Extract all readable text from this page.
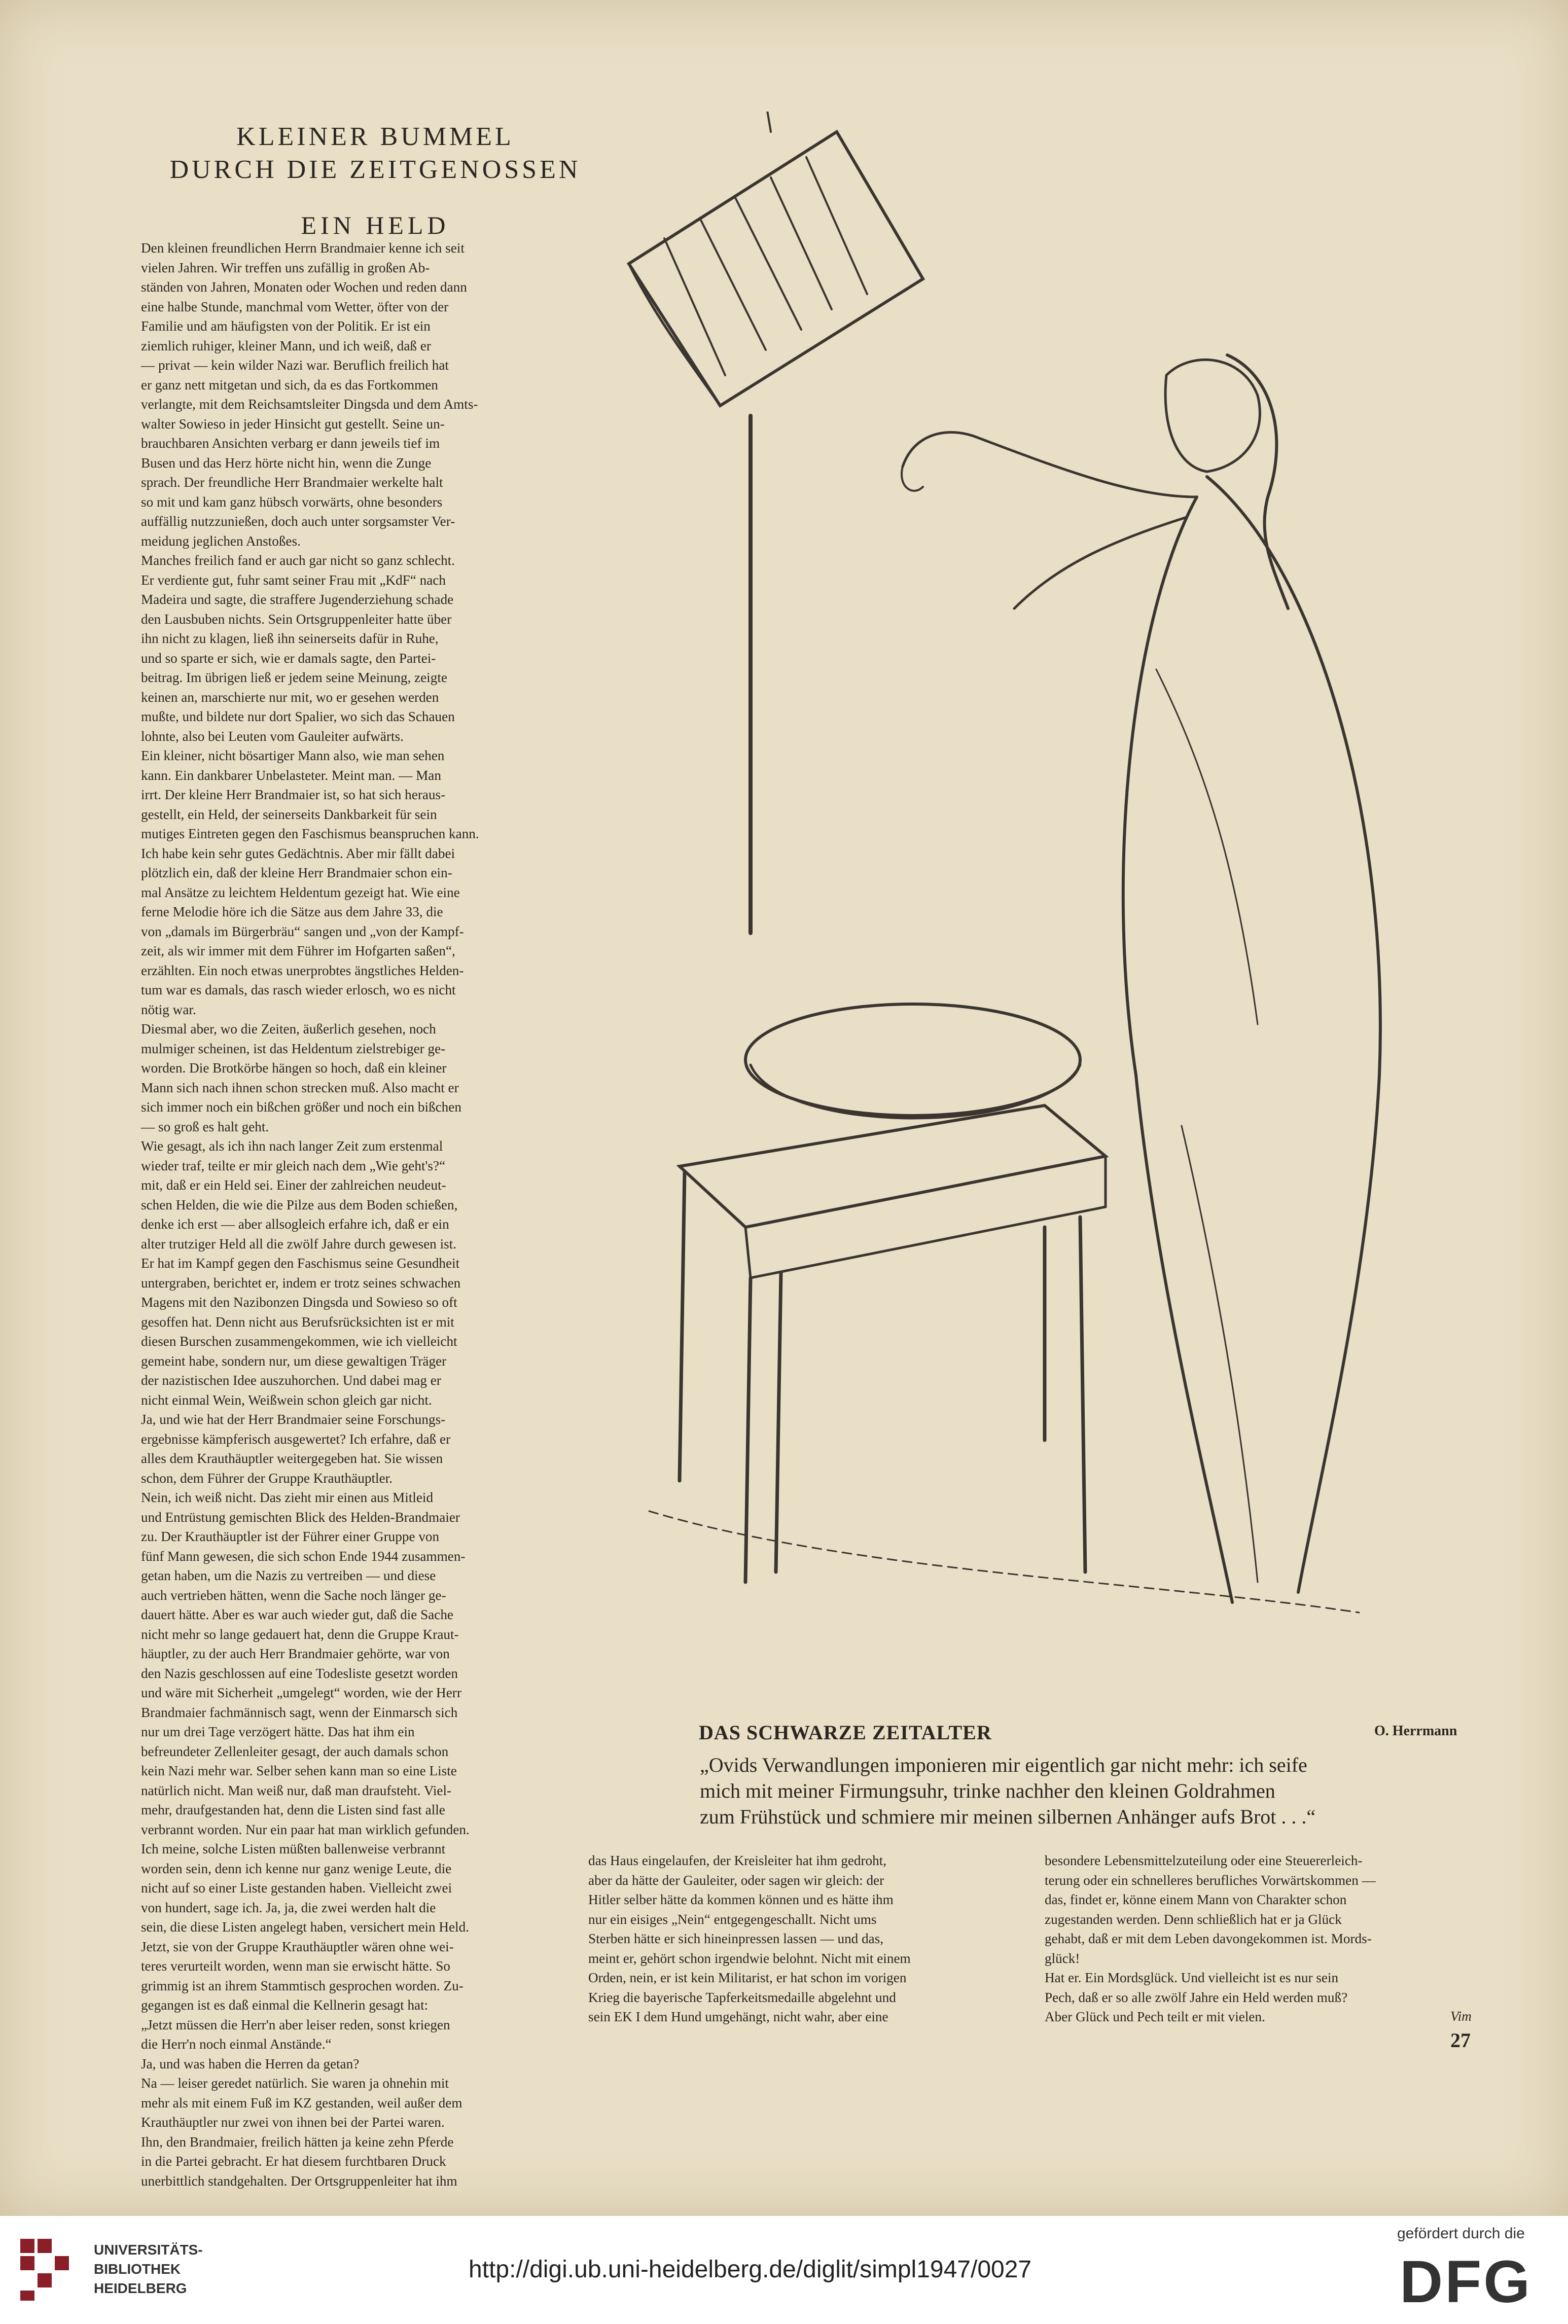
KLEINER BUMMEL
DURCH DIE ZEITGENOSSEN
EIN HELD

Den kleinen freundlichen Herrn Brandmaier kenne ich seit
vielen Jahren. Wir treffen uns zufällig in großen Ab-
ständen von Jahren, Monaten oder Wochen und reden dann
eine halbe Stunde, manchmal vom Wetter, öfter von der
Familie und am häufigsten von der Politik. Er ist ein
ziemlich ruhiger, kleiner Mann, und ich weiß, daß er
— privat — kein wilder Nazi war. Beruflich freilich hat
er ganz nett mitgetan und sich, da es das Fortkommen
verlangte, mit dem Reichsamtsleiter Dingsda und dem Amts-
walter Sowieso in jeder Hinsicht gut gestellt. Seine un-
brauchbaren Ansichten verbarg er dann jeweils tief im
Busen und das Herz hörte nicht hin, wenn die Zunge
sprach. Der freundliche Herr Brandmaier werkelte halt
so mit und kam ganz hübsch vorwärts, ohne besonders
auffällig nutzzunießen, doch auch unter sorgsamster Ver-
meidung jeglichen Anstoßes.
Manches freilich fand er auch gar nicht so ganz schlecht.
Er verdiente gut, fuhr samt seiner Frau mit „KdF“ nach
Madeira und sagte, die straffere Jugenderziehung schade
den Lausbuben nichts. Sein Ortsgruppenleiter hatte über
ihn nicht zu klagen, ließ ihn seinerseits dafür in Ruhe,
und so sparte er sich, wie er damals sagte, den Partei-
beitrag. Im übrigen ließ er jedem seine Meinung, zeigte
keinen an, marschierte nur mit, wo er gesehen werden
mußte, und bildete nur dort Spalier, wo sich das Schauen
lohnte, also bei Leuten vom Gauleiter aufwärts.
Ein kleiner, nicht bösartiger Mann also, wie man sehen
kann. Ein dankbarer Unbelasteter. Meint man. — Man
irrt. Der kleine Herr Brandmaier ist, so hat sich heraus-
gestellt, ein Held, der seinerseits Dankbarkeit für sein
mutiges Eintreten gegen den Faschismus beanspruchen kann.
Ich habe kein sehr gutes Gedächtnis. Aber mir fällt dabei
plötzlich ein, daß der kleine Herr Brandmaier schon ein-
mal Ansätze zu leichtem Heldentum gezeigt hat. Wie eine
ferne Melodie höre ich die Sätze aus dem Jahre 33, die
von „damals im Bürgerbräu“ sangen und „von der Kampf-
zeit, als wir immer mit dem Führer im Hofgarten saßen“,
erzählten. Ein noch etwas unerprobtes ängstliches Helden-
tum war es damals, das rasch wieder erlosch, wo es nicht
nötig war.
Diesmal aber, wo die Zeiten, äußerlich gesehen, noch
mulmiger scheinen, ist das Heldentum zielstrebiger ge-
worden. Die Brotkörbe hängen so hoch, daß ein kleiner
Mann sich nach ihnen schon strecken muß. Also macht er
sich immer noch ein bißchen größer und noch ein bißchen
— so groß es halt geht.
Wie gesagt, als ich ihn nach langer Zeit zum erstenmal
wieder traf, teilte er mir gleich nach dem „Wie geht's?“
mit, daß er ein Held sei. Einer der zahlreichen neudeut-
schen Helden, die wie die Pilze aus dem Boden schießen,
denke ich erst — aber allsogleich erfahre ich, daß er ein
alter trutziger Held all die zwölf Jahre durch gewesen ist.
Er hat im Kampf gegen den Faschismus seine Gesundheit
untergraben, berichtet er, indem er trotz seines schwachen
Magens mit den Nazibonzen Dingsda und Sowieso so oft
gesoffen hat. Denn nicht aus Berufsrücksichten ist er mit
diesen Burschen zusammengekommen, wie ich vielleicht
gemeint habe, sondern nur, um diese gewaltigen Träger
der nazistischen Idee auszuhorchen. Und dabei mag er
nicht einmal Wein, Weißwein schon gleich gar nicht.
Ja, und wie hat der Herr Brandmaier seine Forschungs-
ergebnisse kämpferisch ausgewertet? Ich erfahre, daß er
alles dem Krauthäuptler weitergegeben hat. Sie wissen
schon, dem Führer der Gruppe Krauthäuptler.
Nein, ich weiß nicht. Das zieht mir einen aus Mitleid
und Entrüstung gemischten Blick des Helden-Brandmaier
zu. Der Krauthäuptler ist der Führer einer Gruppe von
fünf Mann gewesen, die sich schon Ende 1944 zusammen-
getan haben, um die Nazis zu vertreiben — und diese
auch vertrieben hätten, wenn die Sache noch länger ge-
dauert hätte. Aber es war auch wieder gut, daß die Sache
nicht mehr so lange gedauert hat, denn die Gruppe Kraut-
häuptler, zu der auch Herr Brandmaier gehörte, war von
den Nazis geschlossen auf eine Todesliste gesetzt worden
und wäre mit Sicherheit „umgelegt“ worden, wie der Herr
Brandmaier fachmännisch sagt, wenn der Einmarsch sich
nur um drei Tage verzögert hätte. Das hat ihm ein
befreundeter Zellenleiter gesagt, der auch damals schon
kein Nazi mehr war. Selber sehen kann man so eine Liste
natürlich nicht. Man weiß nur, daß man draufsteht. Viel-
mehr, draufgestanden hat, denn die Listen sind fast alle
verbrannt worden. Nur ein paar hat man wirklich gefunden.
Ich meine, solche Listen müßten ballenweise verbrannt
worden sein, denn ich kenne nur ganz wenige Leute, die
nicht auf so einer Liste gestanden haben. Vielleicht zwei
von hundert, sage ich. Ja, ja, die zwei werden halt die
sein, die diese Listen angelegt haben, versichert mein Held.
Jetzt, sie von der Gruppe Krauthäuptler wären ohne wei-
teres verurteilt worden, wenn man sie erwischt hätte. So
grimmig ist an ihrem Stammtisch gesprochen worden. Zu-
gegangen ist es daß einmal die Kellnerin gesagt hat:
„Jetzt müssen die Herr'n aber leiser reden, sonst kriegen
die Herr'n noch einmal Anstände.“
Ja, und was haben die Herren da getan?
Na — leiser geredet natürlich. Sie waren ja ohnehin mit
mehr als mit einem Fuß im KZ gestanden, weil außer dem
Krauthäuptler nur zwei von ihnen bei der Partei waren.
Ihn, den Brandmaier, freilich hätten ja keine zehn Pferde
in die Partei gebracht. Er hat diesem furchtbaren Druck
unerbittlich standgehalten. Der Ortsgruppenleiter hat ihm

DAS SCHWARZE ZEITALTER	O. Herrmann

„Ovids Verwandlungen imponieren mir eigentlich gar nicht mehr: ich seife
mich mit meiner Firmungsuhr, trinke nachher den kleinen Goldrahmen
zum Frühstück und schmiere mir meinen silbernen Anhänger aufs Brot . . .“

das Haus eingelaufen, der Kreisleiter hat ihm gedroht,
aber da hätte der Gauleiter, oder sagen wir gleich: der
Hitler selber hätte da kommen können und es hätte ihm
nur ein eisiges „Nein“ entgegengeschallt. Nicht ums
Sterben hätte er sich hineinpressen lassen — und das,
meint er, gehört schon irgendwie belohnt. Nicht mit einem
Orden, nein, er ist kein Militarist, er hat schon im vorigen
Krieg die bayerische Tapferkeitsmedaille abgelehnt und
sein EK I dem Hund umgehängt, nicht wahr, aber eine

besondere Lebensmittelzuteilung oder eine Steuererleich-
terung oder ein schnelleres berufliches Vorwärtskommen —
das, findet er, könne einem Mann von Charakter schon
zugestanden werden. Denn schließlich hat er ja Glück
gehabt, daß er mit dem Leben davongekommen ist. Mords-
glück!
Hat er. Ein Mordsglück. Und vielleicht ist es nur sein
Pech, daß er so alle zwölf Jahre ein Held werden muß?
Aber Glück und Pech teilt er mit vielen.	Vim
27
UNIVERSITÄTS-
BIBLIOTHEK
HEIDELBERG
http://digi.ub.uni-heidelberg.de/diglit/simpl1947/0027
gefördert durch die
DFG
